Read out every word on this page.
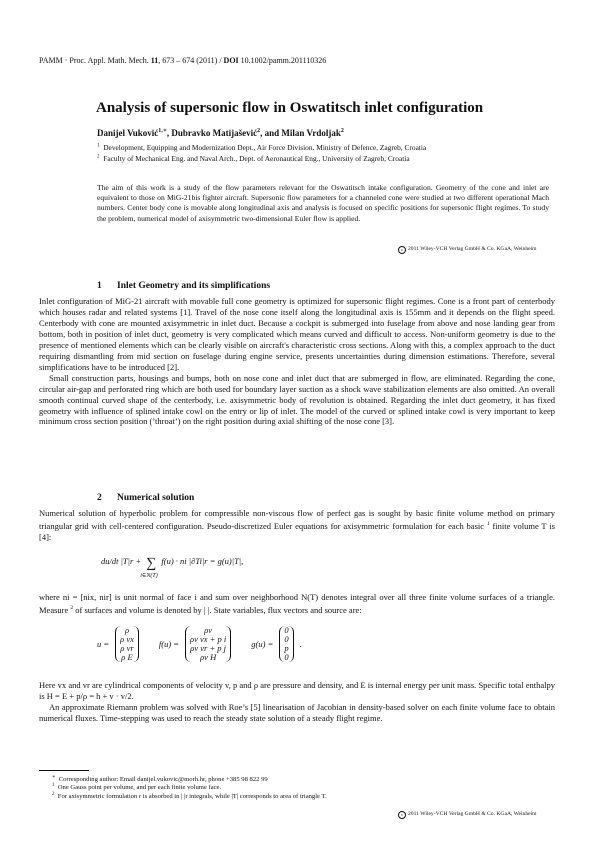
PAMM · Proc. Appl. Math. Mech. 11, 673 – 674 (2011) / DOI 10.1002/pamm.201110326
Analysis of supersonic flow in Oswatitsch inlet configuration
Danijel Vuković$^{1,∗}$, Dubravko Matijašević$^2$, and Milan Vrdoljak$^2$
$^1$ Development, Equipping and Modernization Dept., Air Force Division, Ministry of Defence, Zagreb, Croatia
$^2$ Faculty of Mechanical Eng. and Naval Arch., Dept. of Aeronautical Eng., University of Zagreb, Croatia
The aim of this work is a study of the flow parameters relevant for the Oswatitsch intake configuration. Geometry of the cone and inlet are equivalent to those on MiG-21bis fighter aircraft. Supersonic flow parameters for a channeled cone were studied at two different operational Mach numbers. Center body cone is movable along longitudinal axis and analysis is focused on specific positions for supersonic flight regimes. To study the problem, numerical model of axisymmetric two-dimensional Euler flow is applied.
c 2011 Wiley-VCH Verlag GmbH & Co. KGaA, Weinheim
1 Inlet Geometry and its simplifications

Inlet configuration of MiG-21 aircraft with movable full cone geometry is optimized for supersonic flight regimes. Cone is a front part of centerbody which houses radar and related systems [1]. Travel of the nose cone itself along the longitudinal axis is 155mm and it depends on the flight speed. Centerbody with cone are mounted axisymmetric in inlet duct. Because a cockpit is submerged into fuselage from above and nose landing gear from bottom, both in position of inlet duct, geometry is very complicated which means curved and difficult to access. Non-uniform geometry is due to the presence of mentioned elements which can be clearly visible on aircraft's characteristic cross sections. Along with this, a complex approach to the duct requiring dismantling from mid section on fuselage during engine service, presents uncertainties during dimension estimations. Therefore, several simplifications have to be introduced [2].

Small construction parts, housings and bumps, both on nose cone and inlet duct that are submerged in flow, are eliminated. Regarding the cone, circular air-gap and perforated ring which are both used for boundary layer suction as a shock wave stabilization elements are also omitted. An overall smooth continual curved shape of the centerbody, i.e. axisymmetric body of revolution is obtained. Regarding the inlet duct geometry, it has fixed geometry with influence of splined intake cowl on the entry or lip of inlet. The model of the curved or splined intake cowl is very important to keep minimum cross section position (’throat’) on the right position during axial shifting of the nose cone [3].

2 Numerical solution

Numerical solution of hyperbolic problem for compressible non-viscous flow of perfect gas is sought by basic finite volume method on primary triangular grid with cell-centered configuration. Pseudo-discretized Euler equations for axisymmetric formulation for each basic $^1$ finite volume T is [4]:

du/dt |T|r + ∑
i∈N(T)
f(u) · ni |∂Ti|r = g(u)|T|,

where ni = [nix, nir] is unit normal of face i and sum over neighborhood N(T) denotes integral over all three finite volume surfaces of a triangle. Measure $^2$ of surfaces and volume is denoted by | |. State variables, flux vectors and source are:

u =
ρ
ρ vx
ρ vr
ρ E
f(u) =
ρv
ρv vx + p i
ρv vr + p j
ρv H
g(u) =
0
0
p
0
.

Here vx and vr are cylindrical components of velocity v, p and ρ are pressure and density, and E is internal energy per unit mass. Specific total enthalpy is H = E + p/ρ = h + v · v/2.

An approximate Riemann problem was solved with Roe’s [5] linearisation of Jacobian in density-based solver on each finite volume face to obtain numerical fluxes. Time-stepping was used to reach the steady state solution of a steady flight regime.

∗ Corresponding author: Email danijel.vukovic@morh.hr, phone +385 98 822 99
$^1$ One Gauss point per volume, and per each finite volume face.
$^2$ For axisymmetric formulation r is absorbed in | |r integrals, while |T| corresponds to area of triangle T.
c 2011 Wiley-VCH Verlag GmbH & Co. KGaA, Weinheim
